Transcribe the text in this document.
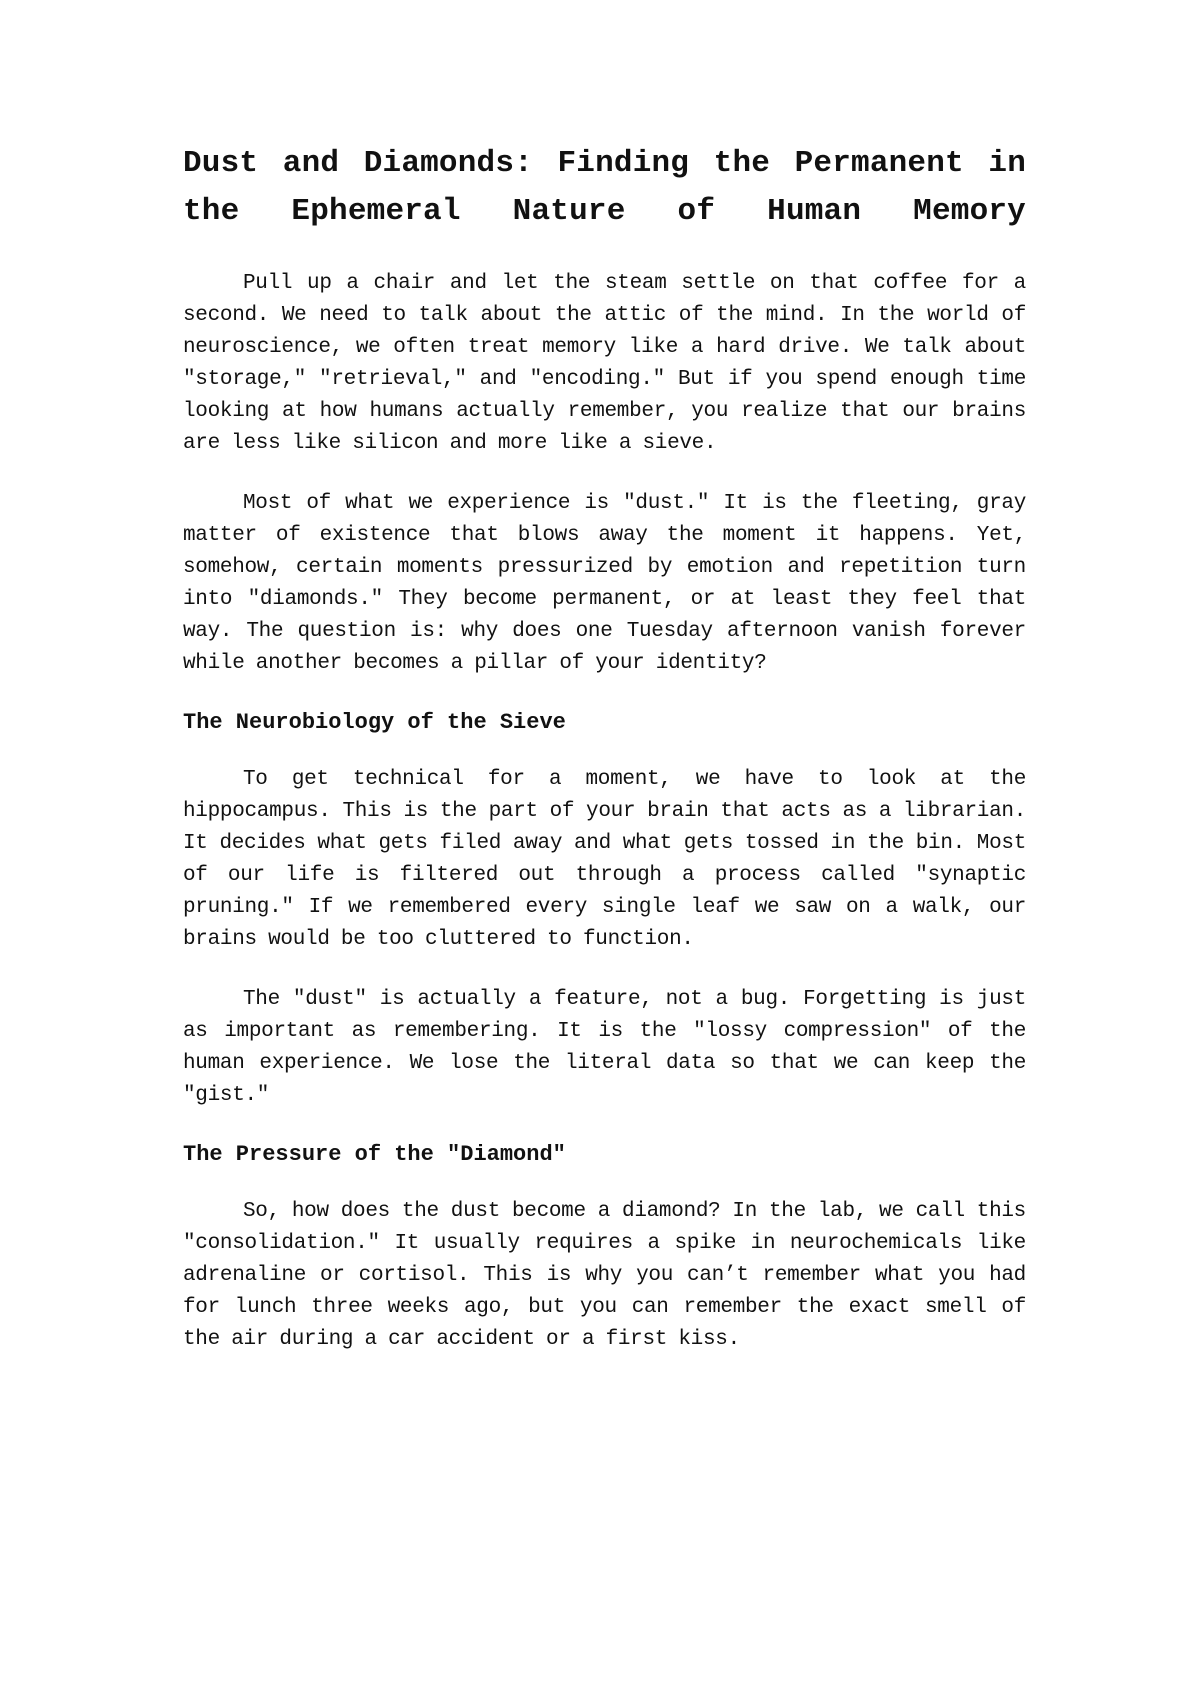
Dust and Diamonds: Finding the Permanent in the Ephemeral Nature of Human Memory

Pull up a chair and let the steam settle on that coffee for a second. We need to talk about the attic of the mind. In the world of neuroscience, we often treat memory like a hard drive. We talk about "storage," "retrieval," and "encoding." But if you spend enough time looking at how humans actually remember, you realize that our brains are less like silicon and more like a sieve.

Most of what we experience is "dust." It is the fleeting, gray matter of existence that blows away the moment it happens. Yet, somehow, certain moments pressurized by emotion and repetition turn into "diamonds." They become permanent, or at least they feel that way. The question is: why does one Tuesday afternoon vanish forever while another becomes a pillar of your identity?

The Neurobiology of the Sieve

To get technical for a moment, we have to look at the hippocampus. This is the part of your brain that acts as a librarian. It decides what gets filed away and what gets tossed in the bin. Most of our life is filtered out through a process called "synaptic pruning." If we remembered every single leaf we saw on a walk, our brains would be too cluttered to function.

The "dust" is actually a feature, not a bug. Forgetting is just as important as remembering. It is the "lossy compression" of the human experience. We lose the literal data so that we can keep the "gist."

The Pressure of the "Diamond"

So, how does the dust become a diamond? In the lab, we call this "consolidation." It usually requires a spike in neurochemicals like adrenaline or cortisol. This is why you can’t remember what you had for lunch three weeks ago, but you can remember the exact smell of the air during a car accident or a first kiss.
